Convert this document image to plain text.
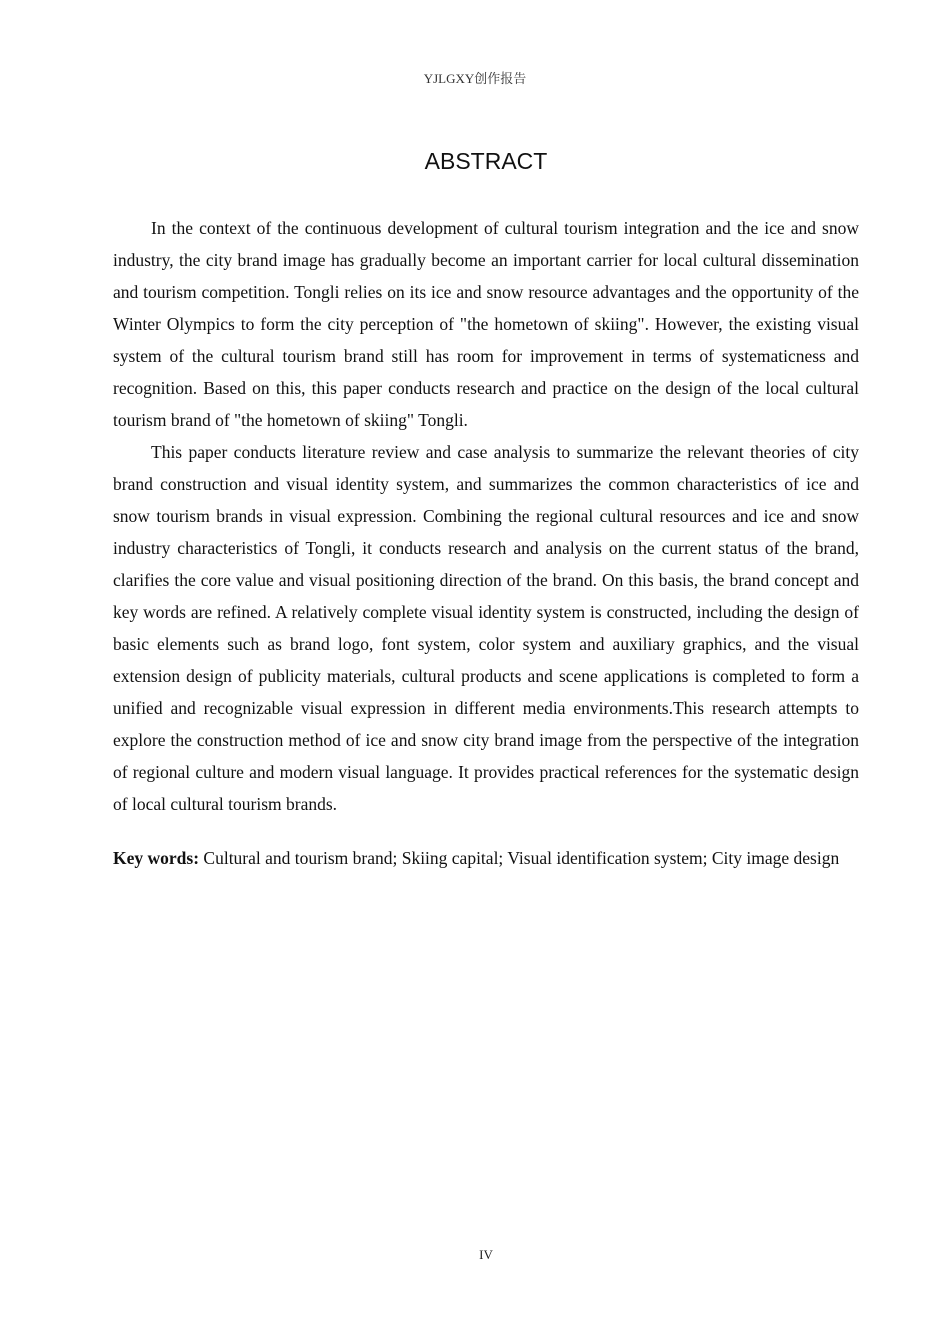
YJLGXY创作报告
ABSTRACT

In the context of the continuous development of cultural tourism integration and the ice and snow industry, the city brand image has gradually become an important carrier for local cultural dissemination and tourism competition. Tongli relies on its ice and snow resource advantages and the opportunity of the Winter Olympics to form the city perception of "the hometown of skiing". However, the existing visual system of the cultural tourism brand still has room for improvement in terms of systematicness and recognition. Based on this, this paper conducts research and practice on the design of the local cultural tourism brand of "the hometown of skiing" Tongli.

This paper conducts literature review and case analysis to summarize the relevant theories of city brand construction and visual identity system, and summarizes the common characteristics of ice and snow tourism brands in visual expression. Combining the regional cultural resources and ice and snow industry characteristics of Tongli, it conducts research and analysis on the current status of the brand, clarifies the core value and visual positioning direction of the brand. On this basis, the brand concept and key words are refined. A relatively complete visual identity system is constructed, including the design of basic elements such as brand logo, font system, color system and auxiliary graphics, and the visual extension design of publicity materials, cultural products and scene applications is completed to form a unified and recognizable visual expression in different media environments.This research attempts to explore the construction method of ice and snow city brand image from the perspective of the integration of regional culture and modern visual language. It provides practical references for the systematic design of local cultural tourism brands.

Key words: Cultural and tourism brand; Skiing capital; Visual identification system; City image design

IV
